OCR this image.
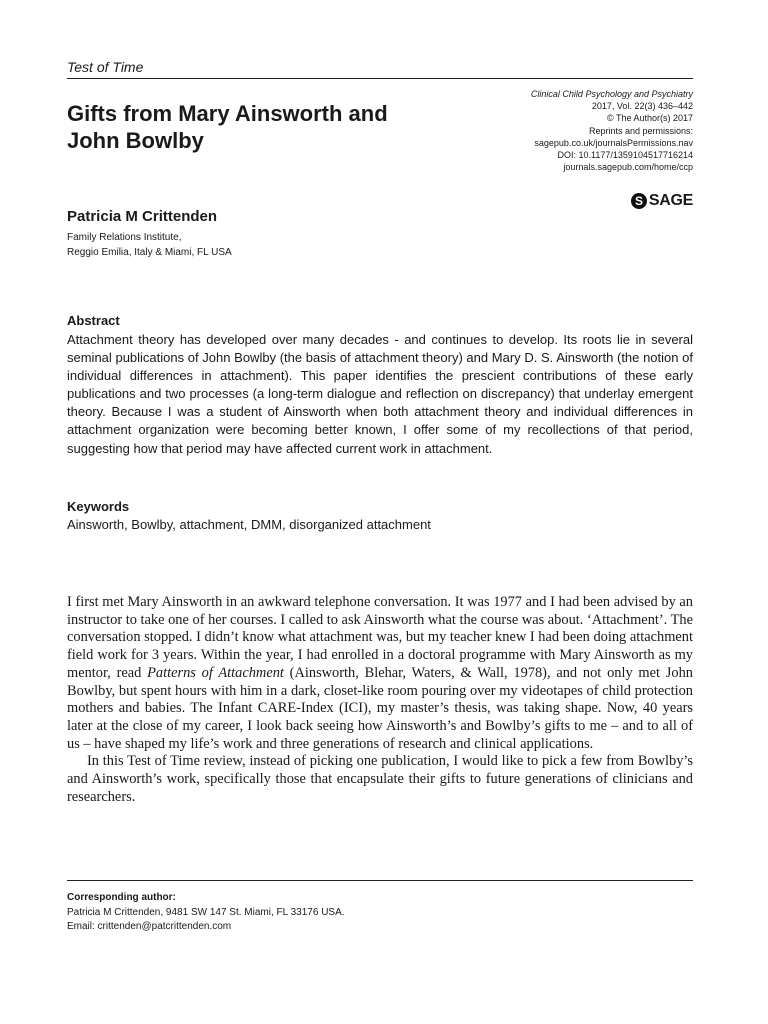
Test of Time
Gifts from Mary Ainsworth and John Bowlby
Clinical Child Psychology and Psychiatry
2017, Vol. 22(3) 436–442
© The Author(s) 2017
Reprints and permissions:
sagepub.co.uk/journalsPermissions.nav
DOI: 10.1177/1359104517716214
journals.sagepub.com/home/ccp
S SAGE
Patricia M Crittenden
Family Relations Institute,
Reggio Emilia, Italy & Miami, FL USA
Abstract

Attachment theory has developed over many decades - and continues to develop. Its roots lie in several seminal publications of John Bowlby (the basis of attachment theory) and Mary D. S. Ainsworth (the notion of individual differences in attachment). This paper identifies the prescient contributions of these early publications and two processes (a long-term dialogue and reflection on discrepancy) that underlay emergent theory. Because I was a student of Ainsworth when both attachment theory and individual differences in attachment organization were becoming better known, I offer some of my recollections of that period, suggesting how that period may have affected current work in attachment.

Keywords
Ainsworth, Bowlby, attachment, DMM, disorganized attachment

I first met Mary Ainsworth in an awkward telephone conversation. It was 1977 and I had been advised by an instructor to take one of her courses. I called to ask Ainsworth what the course was about. ‘Attachment’. The conversation stopped. I didn’t know what attachment was, but my teacher knew I had been doing attachment field work for 3 years. Within the year, I had enrolled in a doctoral programme with Mary Ainsworth as my mentor, read Patterns of Attachment (Ainsworth, Blehar, Waters, & Wall, 1978), and not only met John Bowlby, but spent hours with him in a dark, closet-like room pouring over my videotapes of child protection mothers and babies. The Infant CARE-Index (ICI), my master’s thesis, was taking shape. Now, 40 years later at the close of my career, I look back seeing how Ainsworth’s and Bowlby’s gifts to me – and to all of us – have shaped my life’s work and three generations of research and clinical applications.

In this Test of Time review, instead of picking one publication, I would like to pick a few from Bowlby’s and Ainsworth’s work, specifically those that encapsulate their gifts to future generations of clinicians and researchers.

Corresponding author:
Patricia M Crittenden, 9481 SW 147 St. Miami, FL 33176 USA.
Email: crittenden@patcrittenden.com
